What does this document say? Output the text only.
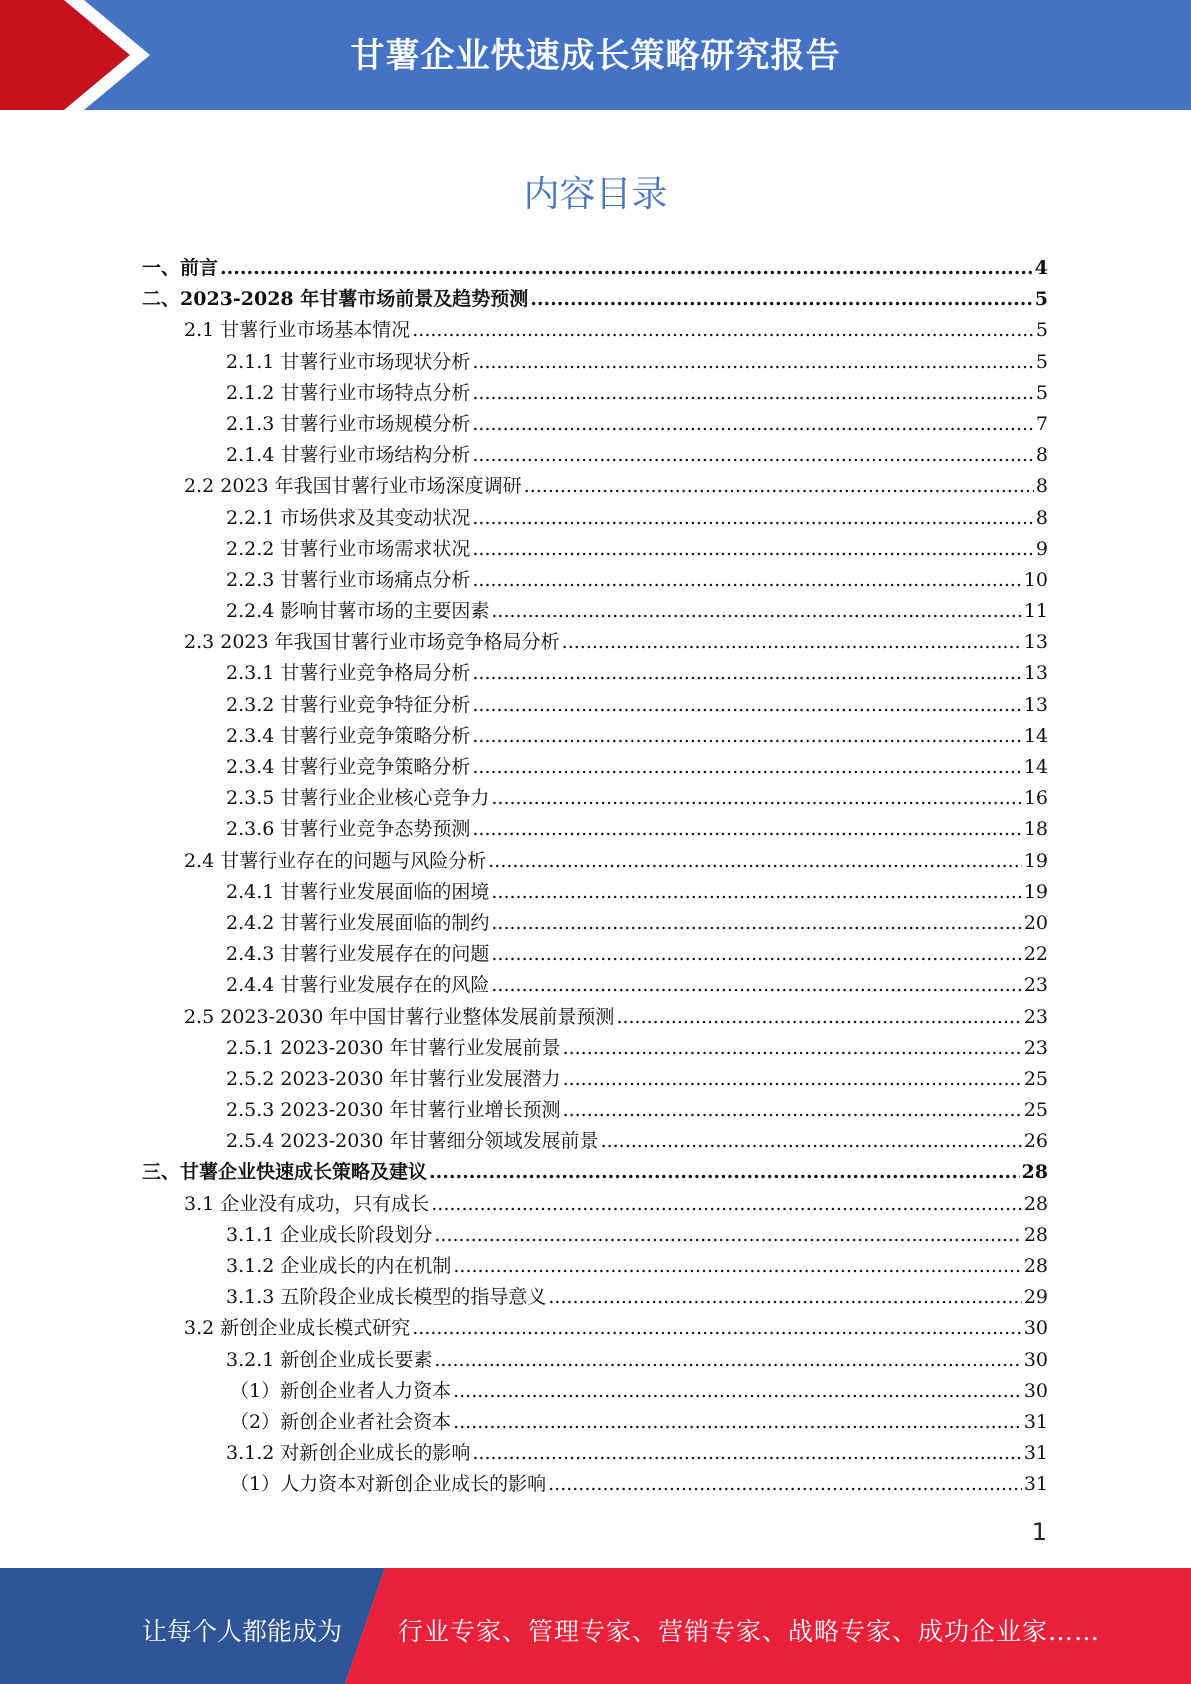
甘薯企业快速成长策略研究报告
内容目录
一、前言 .....	4
二、2023-2028 年甘薯市场前景及趋势预测 .....	5
2.1 甘薯行业市场基本情况 .....	5
2.1.1 甘薯行业市场现状分析 .....	5
2.1.2 甘薯行业市场特点分析 .....	5
2.1.3 甘薯行业市场规模分析 .....	7
2.1.4 甘薯行业市场结构分析 .....	8
2.2 2023 年我国甘薯行业市场深度调研 .....	8
2.2.1 市场供求及其变动状况 .....	8
2.2.2 甘薯行业市场需求状况 .....	9
2.2.3 甘薯行业市场痛点分析 .....	10
2.2.4 影响甘薯市场的主要因素 .....	11
2.3 2023 年我国甘薯行业市场竞争格局分析 .....	13
2.3.1 甘薯行业竞争格局分析 .....	13
2.3.2 甘薯行业竞争特征分析 .....	13
2.3.4 甘薯行业竞争策略分析 .....	14
2.3.4 甘薯行业竞争策略分析 .....	14
2.3.5 甘薯行业企业核心竞争力 .....	16
2.3.6 甘薯行业竞争态势预测 .....	18
2.4 甘薯行业存在的问题与风险分析 .....	19
2.4.1 甘薯行业发展面临的困境 .....	19
2.4.2 甘薯行业发展面临的制约 .....	20
2.4.3 甘薯行业发展存在的问题 .....	22
2.4.4 甘薯行业发展存在的风险 .....	23
2.5 2023-2030 年中国甘薯行业整体发展前景预测 .....	23
2.5.1 2023-2030 年甘薯行业发展前景 .....	23
2.5.2 2023-2030 年甘薯行业发展潜力 .....	25
2.5.3 2023-2030 年甘薯行业增长预测 .....	25
2.5.4 2023-2030 年甘薯细分领域发展前景 .....	26
三、甘薯企业快速成长策略及建议 .....	28
3.1 企业没有成功，只有成长 .....	28
3.1.1 企业成长阶段划分 .....	28
3.1.2 企业成长的内在机制 .....	28
3.1.3 五阶段企业成长模型的指导意义 .....	29
3.2 新创企业成长模式研究 .....	30
3.2.1 新创企业成长要素 .....	30
（1）新创企业者人力资本 .....	30
（2）新创企业者社会资本 .....	31
3.1.2 对新创企业成长的影响 .....	31
（1）人力资本对新创企业成长的影响 .....	31
1
让每个人都能成为 行业专家、管理专家、营销专家、战略专家、成功企业家……
